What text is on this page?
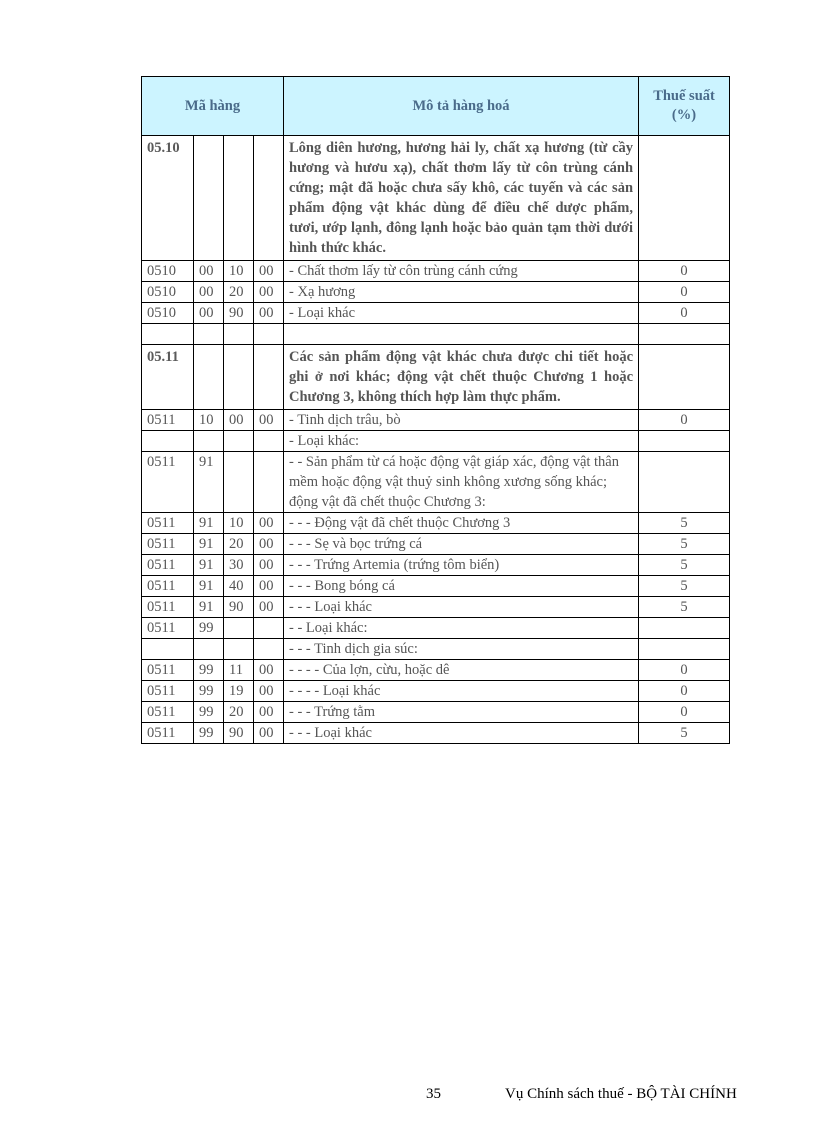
Mã hàng				Mô tả hàng hoá	Thuế suất
(%)

05.10				Lông diên hương, hương hải ly, chất xạ hương (từ cầy hương và hươu xạ), chất thơm lấy từ côn trùng cánh cứng; mật đã hoặc chưa sấy khô, các tuyến và các sản phẩm động vật khác dùng để điều chế dược phẩm, tươi, ướp lạnh, đông lạnh hoặc bảo quản tạm thời dưới hình thức khác.	
0510	00	10	00	- Chất thơm lấy từ côn trùng cánh cứng	0
0510	00	20	00	- Xạ hương	0
0510	00	90	00	- Loại khác	0

05.11				Các sản phẩm động vật khác chưa được chi tiết hoặc ghi ở nơi khác; động vật chết thuộc Chương 1 hoặc Chương 3, không thích hợp làm thực phẩm.	
0511	10	00	00	- Tinh dịch trâu, bò	0
				- Loại khác:	
0511	91			- - Sản phẩm từ cá hoặc động vật giáp xác, động vật thân mềm hoặc động vật thuỷ sinh không xương sống khác; động vật đã chết thuộc Chương 3:	
0511	91	10	00	- - - Động vật đã chết thuộc Chương 3	5
0511	91	20	00	- - - Sẹ và bọc trứng cá	5
0511	91	30	00	- - - Trứng Artemia (trứng tôm biển)	5
0511	91	40	00	- - - Bong bóng cá	5
0511	91	90	00	- - - Loại khác	5
0511	99			- - Loại khác:	
				- - - Tinh dịch gia súc:	
0511	99	11	00	- - - - Của lợn, cừu, hoặc dê	0
0511	99	19	00	- - - - Loại khác	0
0511	99	20	00	- - - Trứng tằm	0
0511	99	90	00	- - - Loại khác	5
35	Vụ Chính sách thuế - BỘ TÀI CHÍNH
